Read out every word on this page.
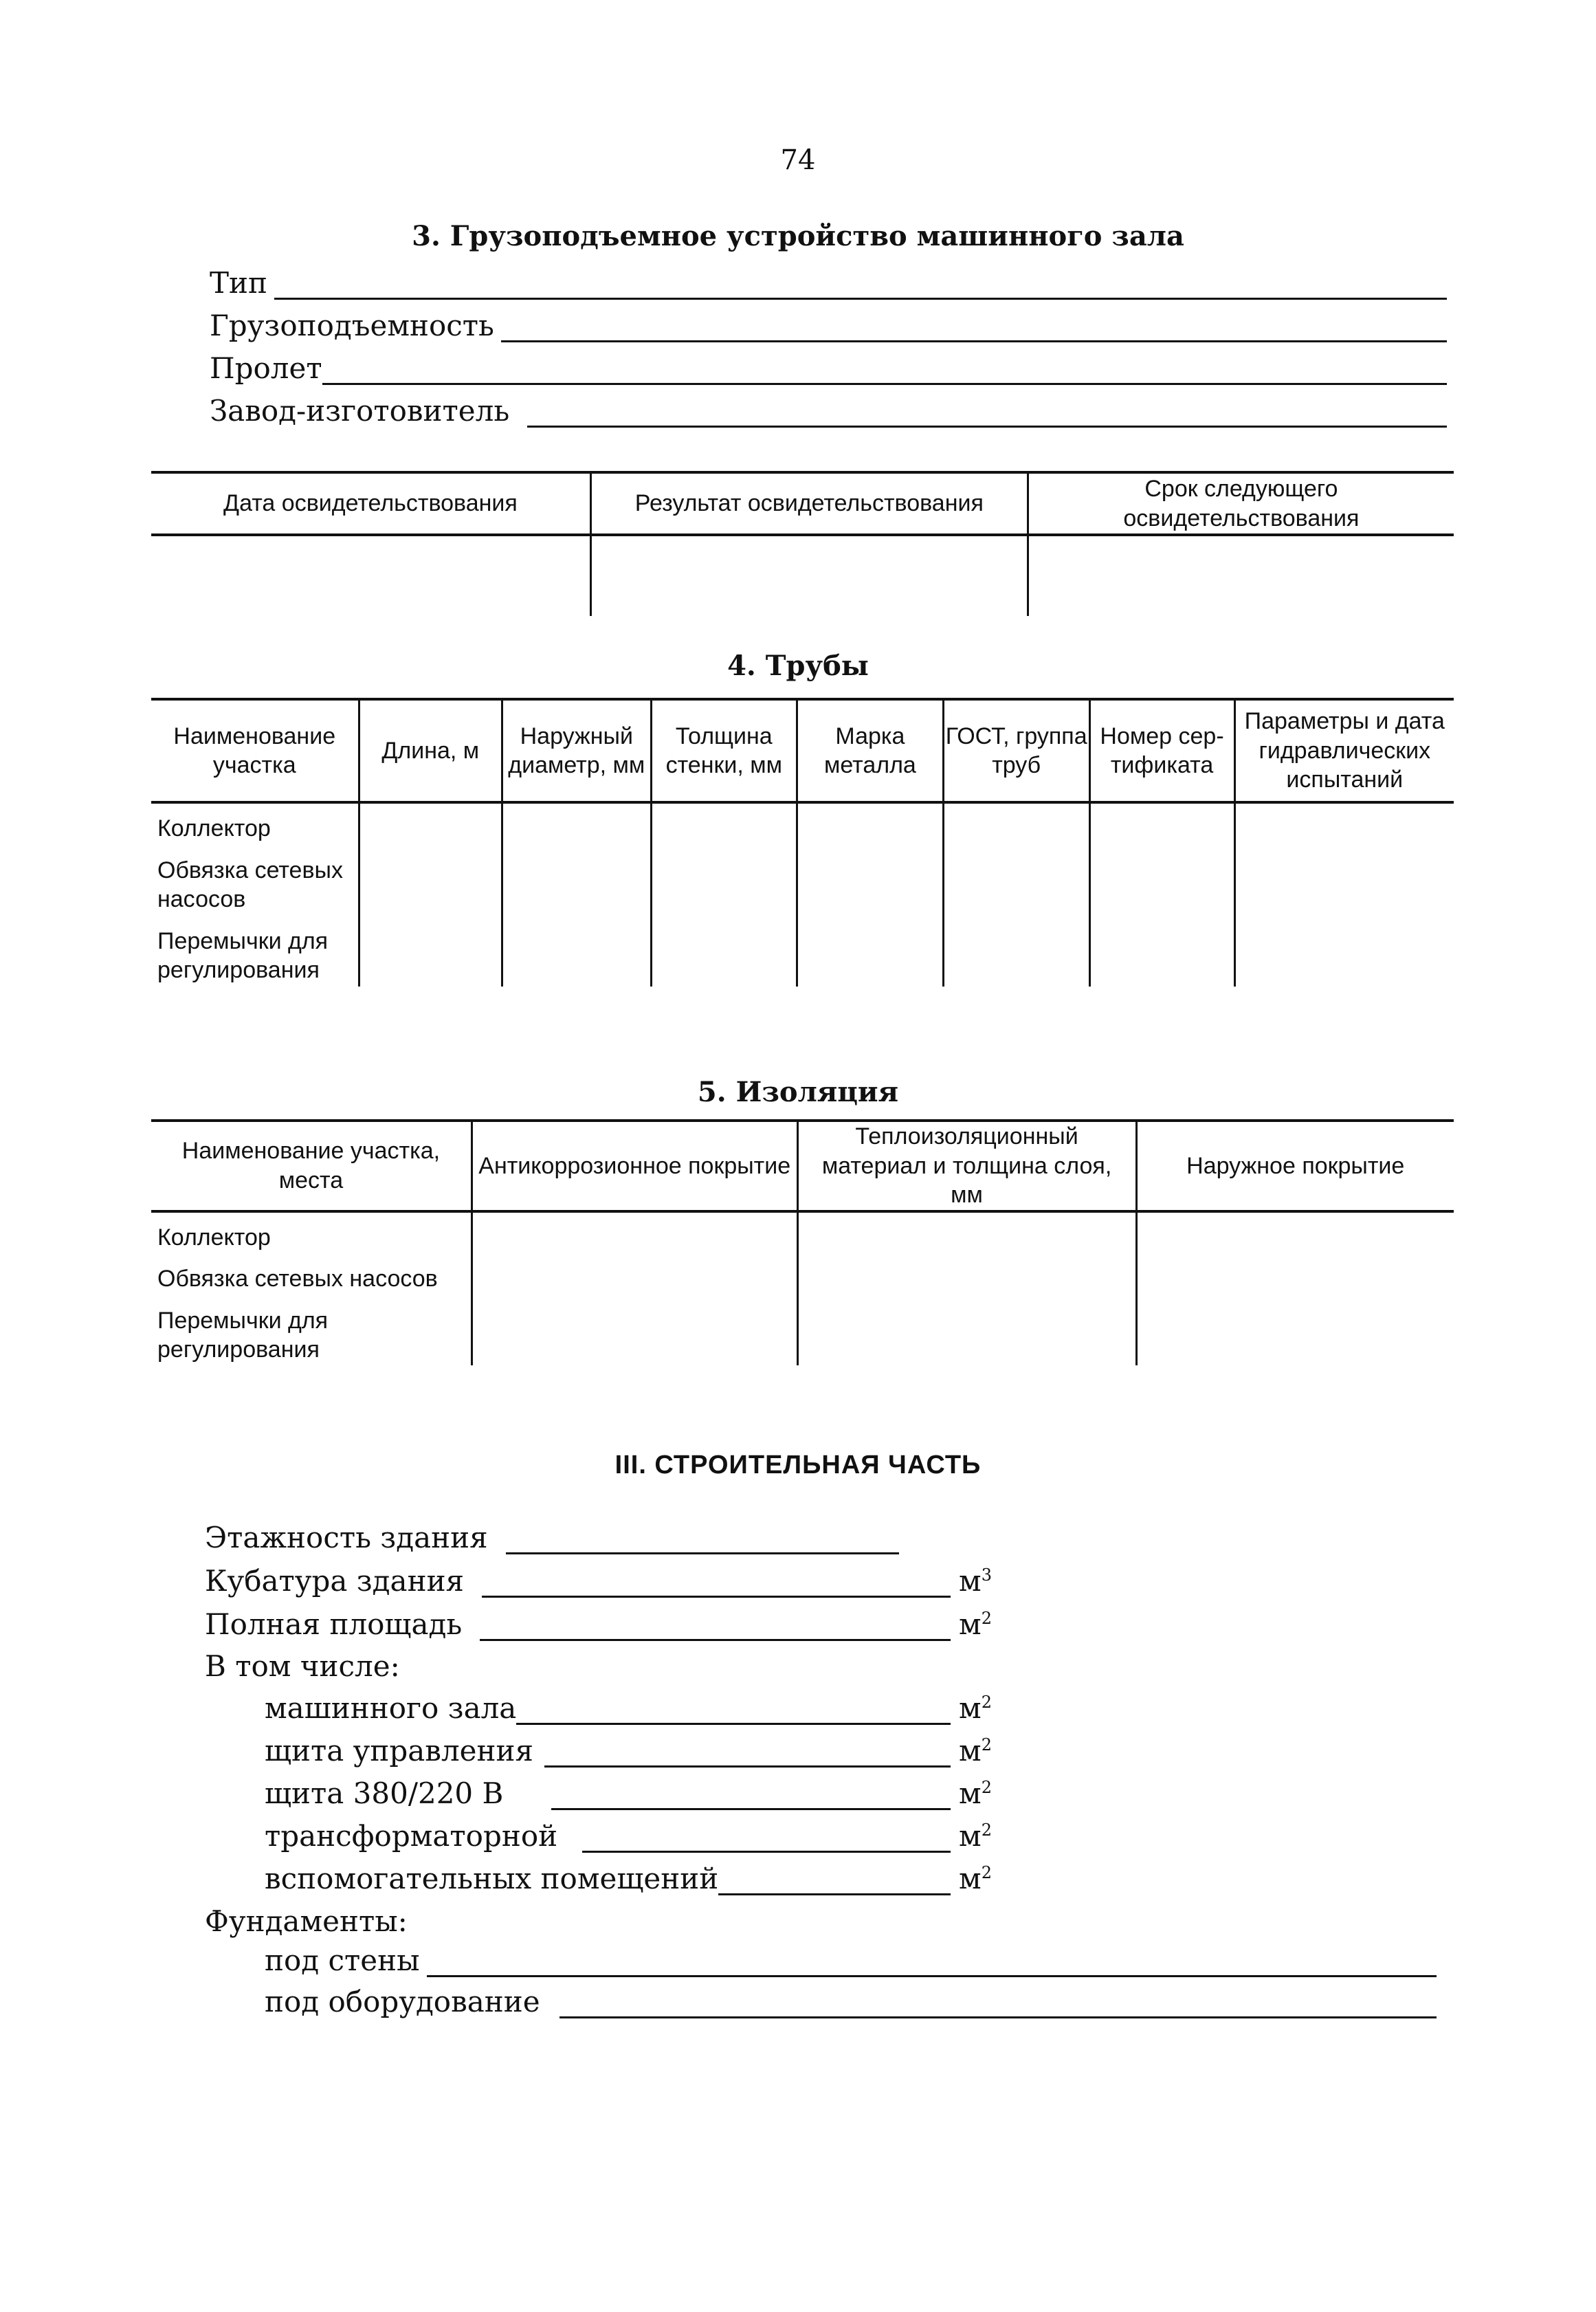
74
3. Грузоподъемное устройство машинного зала
Тип
Грузоподъемность
Пролет
Завод-изготовитель
Дата освидетельствования	Результат освидетельствования	Срок следующего освидетельствования

4. Трубы
Наименование участка	Длина, м	Наружный диаметр, мм	Толщина стенки, мм	Марка металла	ГОСТ, группа труб	Номер сер-тификата	Параметры и дата гидравлических испытаний

Коллектор
Обвязка сетевых насосов
Перемычки для регулирования							

5. Изоляция
Наименование участка, места	Антикоррозионное покрытие	Теплоизоляционный материал и толщина слоя, мм	Наружное покрытие

Коллектор
Обвязка сетевых насосов
Перемычки для регулирования			

III. СТРОИТЕЛЬНАЯ ЧАСТЬ
Этажность здания
Кубатура здания	$м^3$
Полная площадь	$м^2$
В том числе:
машинного зала	$м^2$
щита управления	$м^2$
щита 380/220 В	$м^2$
трансформаторной	$м^2$
вспомогательных помещений	$м^2$
Фундаменты:
под стены
под оборудование
